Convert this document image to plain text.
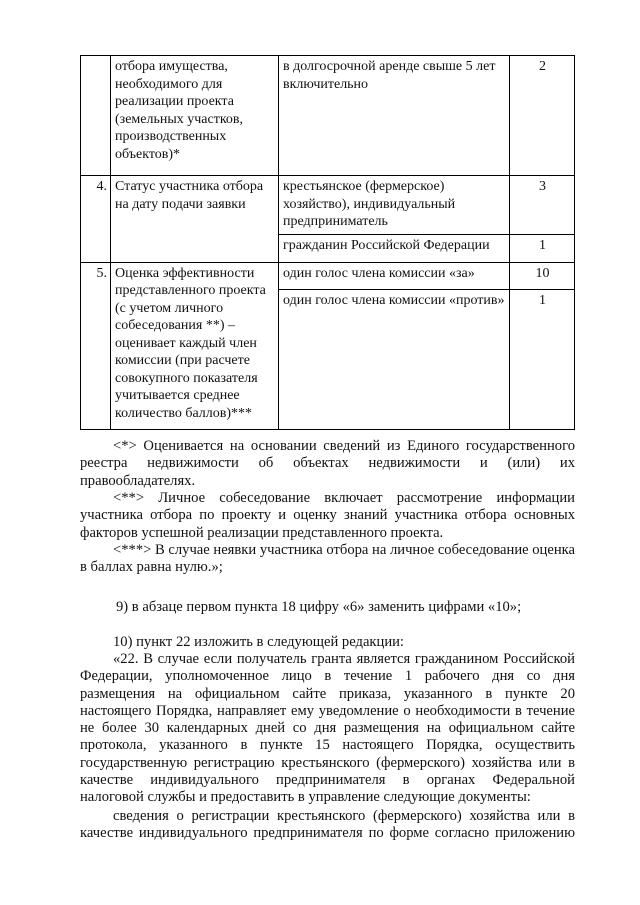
	отбора имущества, необходимого для реализации проекта (земельных участков, производственных объектов)*	в долгосрочной аренде свыше 5 лет включительно	2
4.	Статус участника отбора на дату подачи заявки	крестьянское (фермерское) хозяйство), индивидуальный предприниматель	3
		гражданин Российской Федерации	1
5.	Оценка эффективности представленного проекта (с учетом личного собеседования **) – оценивает каждый член комиссии (при расчете совокупного показателя учитывается среднее количество баллов)***	один голос члена комиссии «за»	10
		один голос члена комиссии «против»	1
<*> Оценивается на основании сведений из Единого государственного
реестра недвижимости об объектах недвижимости и (или) их
правообладателях.
<**> Личное собеседование включает рассмотрение информации
участника отбора по проекту и оценку знаний участника отбора основных
факторов успешной реализации представленного проекта.
<***> В случае неявки участника отбора на личное собеседование оценка
в баллах равна нулю.»;
9) в абзаце первом пункта 18 цифру «6» заменить цифрами «10»;
10) пункт 22 изложить в следующей редакции:
«22. В случае если получатель гранта является гражданином Российской
Федерации, уполномоченное лицо в течение 1 рабочего дня со дня
размещения на официальном сайте приказа, указанного в пункте 20
настоящего Порядка, направляет ему уведомление о необходимости в течение
не более 30 календарных дней со дня размещения на официальном сайте
протокола, указанного в пункте 15 настоящего Порядка, осуществить
государственную регистрацию крестьянского (фермерского) хозяйства или в
качестве индивидуального предпринимателя в органах Федеральной
налоговой службы и предоставить в управление следующие документы:
сведения о регистрации крестьянского (фермерского) хозяйства или в
качестве индивидуального предпринимателя по форме согласно приложению
